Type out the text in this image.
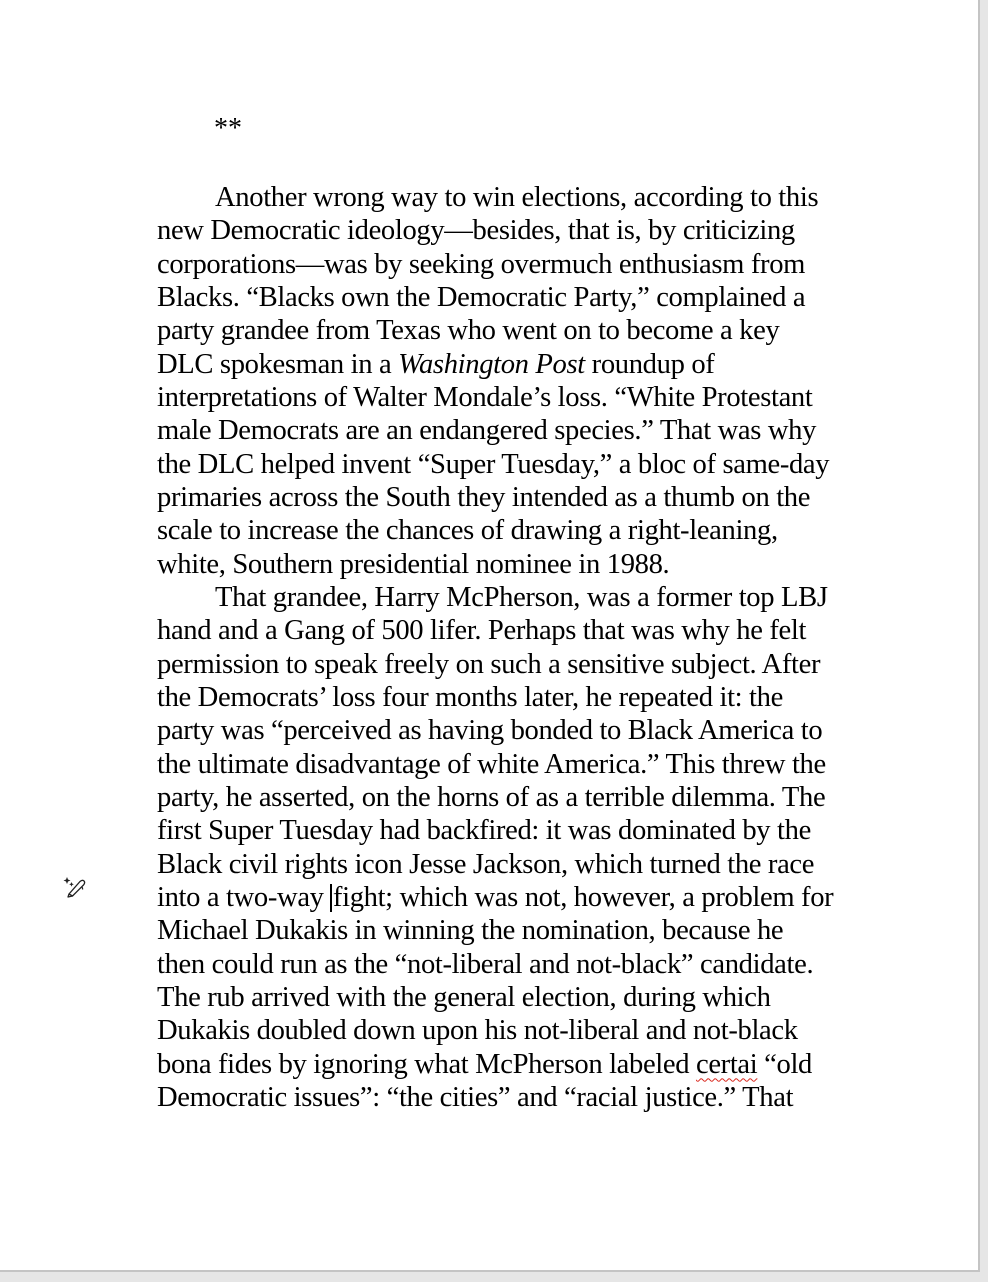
**
Another wrong way to win elections, according to this
new Democratic ideology—besides, that is, by criticizing
corporations—was by seeking overmuch enthusiasm from
Blacks. “Blacks own the Democratic Party,” complained a
party grandee from Texas who went on to become a key
DLC spokesman in a Washington Post roundup of
interpretations of Walter Mondale’s loss. “White Protestant
male Democrats are an endangered species.” That was why
the DLC helped invent “Super Tuesday,” a bloc of same-day
primaries across the South they intended as a thumb on the
scale to increase the chances of drawing a right-leaning,
white, Southern presidential nominee in 1988.
That grandee, Harry McPherson, was a former top LBJ
hand and a Gang of 500 lifer. Perhaps that was why he felt
permission to speak freely on such a sensitive subject. After
the Democrats’ loss four months later, he repeated it: the
party was “perceived as having bonded to Black America to
the ultimate disadvantage of white America.” This threw the
party, he asserted, on the horns of as a terrible dilemma. The
first Super Tuesday had backfired: it was dominated by the
Black civil rights icon Jesse Jackson, which turned the race
into a two-way fight; which was not, however, a problem for
Michael Dukakis in winning the nomination, because he
then could run as the “not-liberal and not-black” candidate.
The rub arrived with the general election, during which
Dukakis doubled down upon his not-liberal and not-black
bona fides by ignoring what McPherson labeled certai “old
Democratic issues”: “the cities” and “racial justice.” That
